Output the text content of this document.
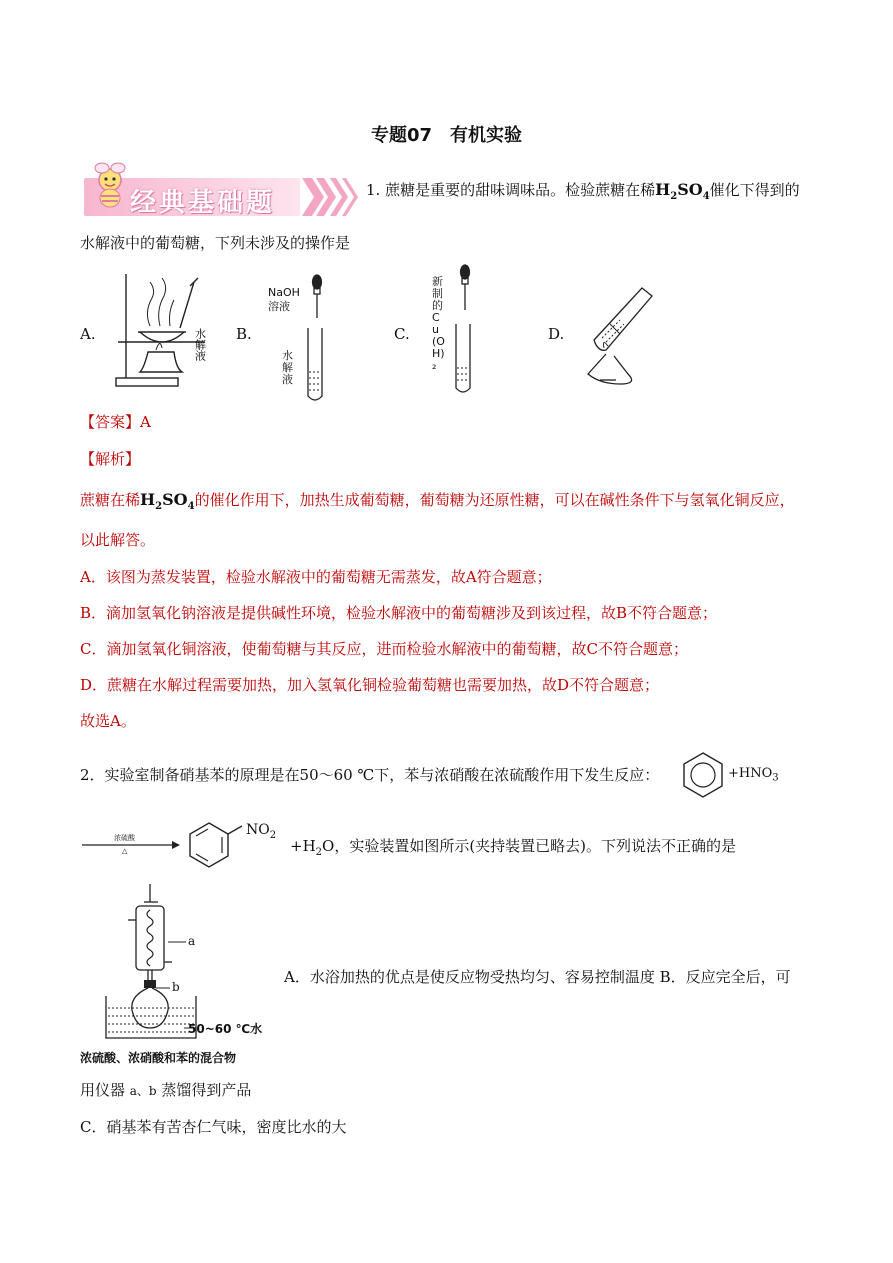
专题07　有机实验
经典基础题	1. 蔗糖是重要的甜味调味品。检验蔗糖在稀$H_2SO_4$催化下得到的
水解液中的葡萄糖，下列未涉及的操作是
A.	水解液 B.
NaOH
溶液
水解液
C.
新制的Cu(OH)₂
D.
【答案】A
【解析】
蔗糖在稀$H_2SO_4$的催化作用下，加热生成葡萄糖，葡萄糖为还原性糖，可以在碱性条件下与氢氧化铜反应，
以此解答。
A．该图为蒸发装置，检验水解液中的葡萄糖无需蒸发，故A符合题意；
B．滴加氢氧化钠溶液是提供碱性环境，检验水解液中的葡萄糖涉及到该过程，故B不符合题意；
C．滴加氢氧化铜溶液，使葡萄糖与其反应，进而检验水解液中的葡萄糖，故C不符合题意；
D．蔗糖在水解过程需要加热，加入氢氧化铜检验葡萄糖也需要加热，故D不符合题意；
故选A。
2．实验室制备硝基苯的原理是在50～60 ℃下，苯与浓硝酸在浓硫酸作用下发生反应：	$+HNO_3$
浓硫酸
△
$NO_2$
$+H_2O$，实验装置如图所示(夹持装置已略去)。下列说法不正确的是
a
b
50~60 ℃水
浓硫酸、浓硝酸和苯的混合物
A．水浴加热的优点是使反应物受热均匀、容易控制温度 B．反应完全后，可
用仪器 a、b 蒸馏得到产品
C．硝基苯有苦杏仁气味，密度比水的大
